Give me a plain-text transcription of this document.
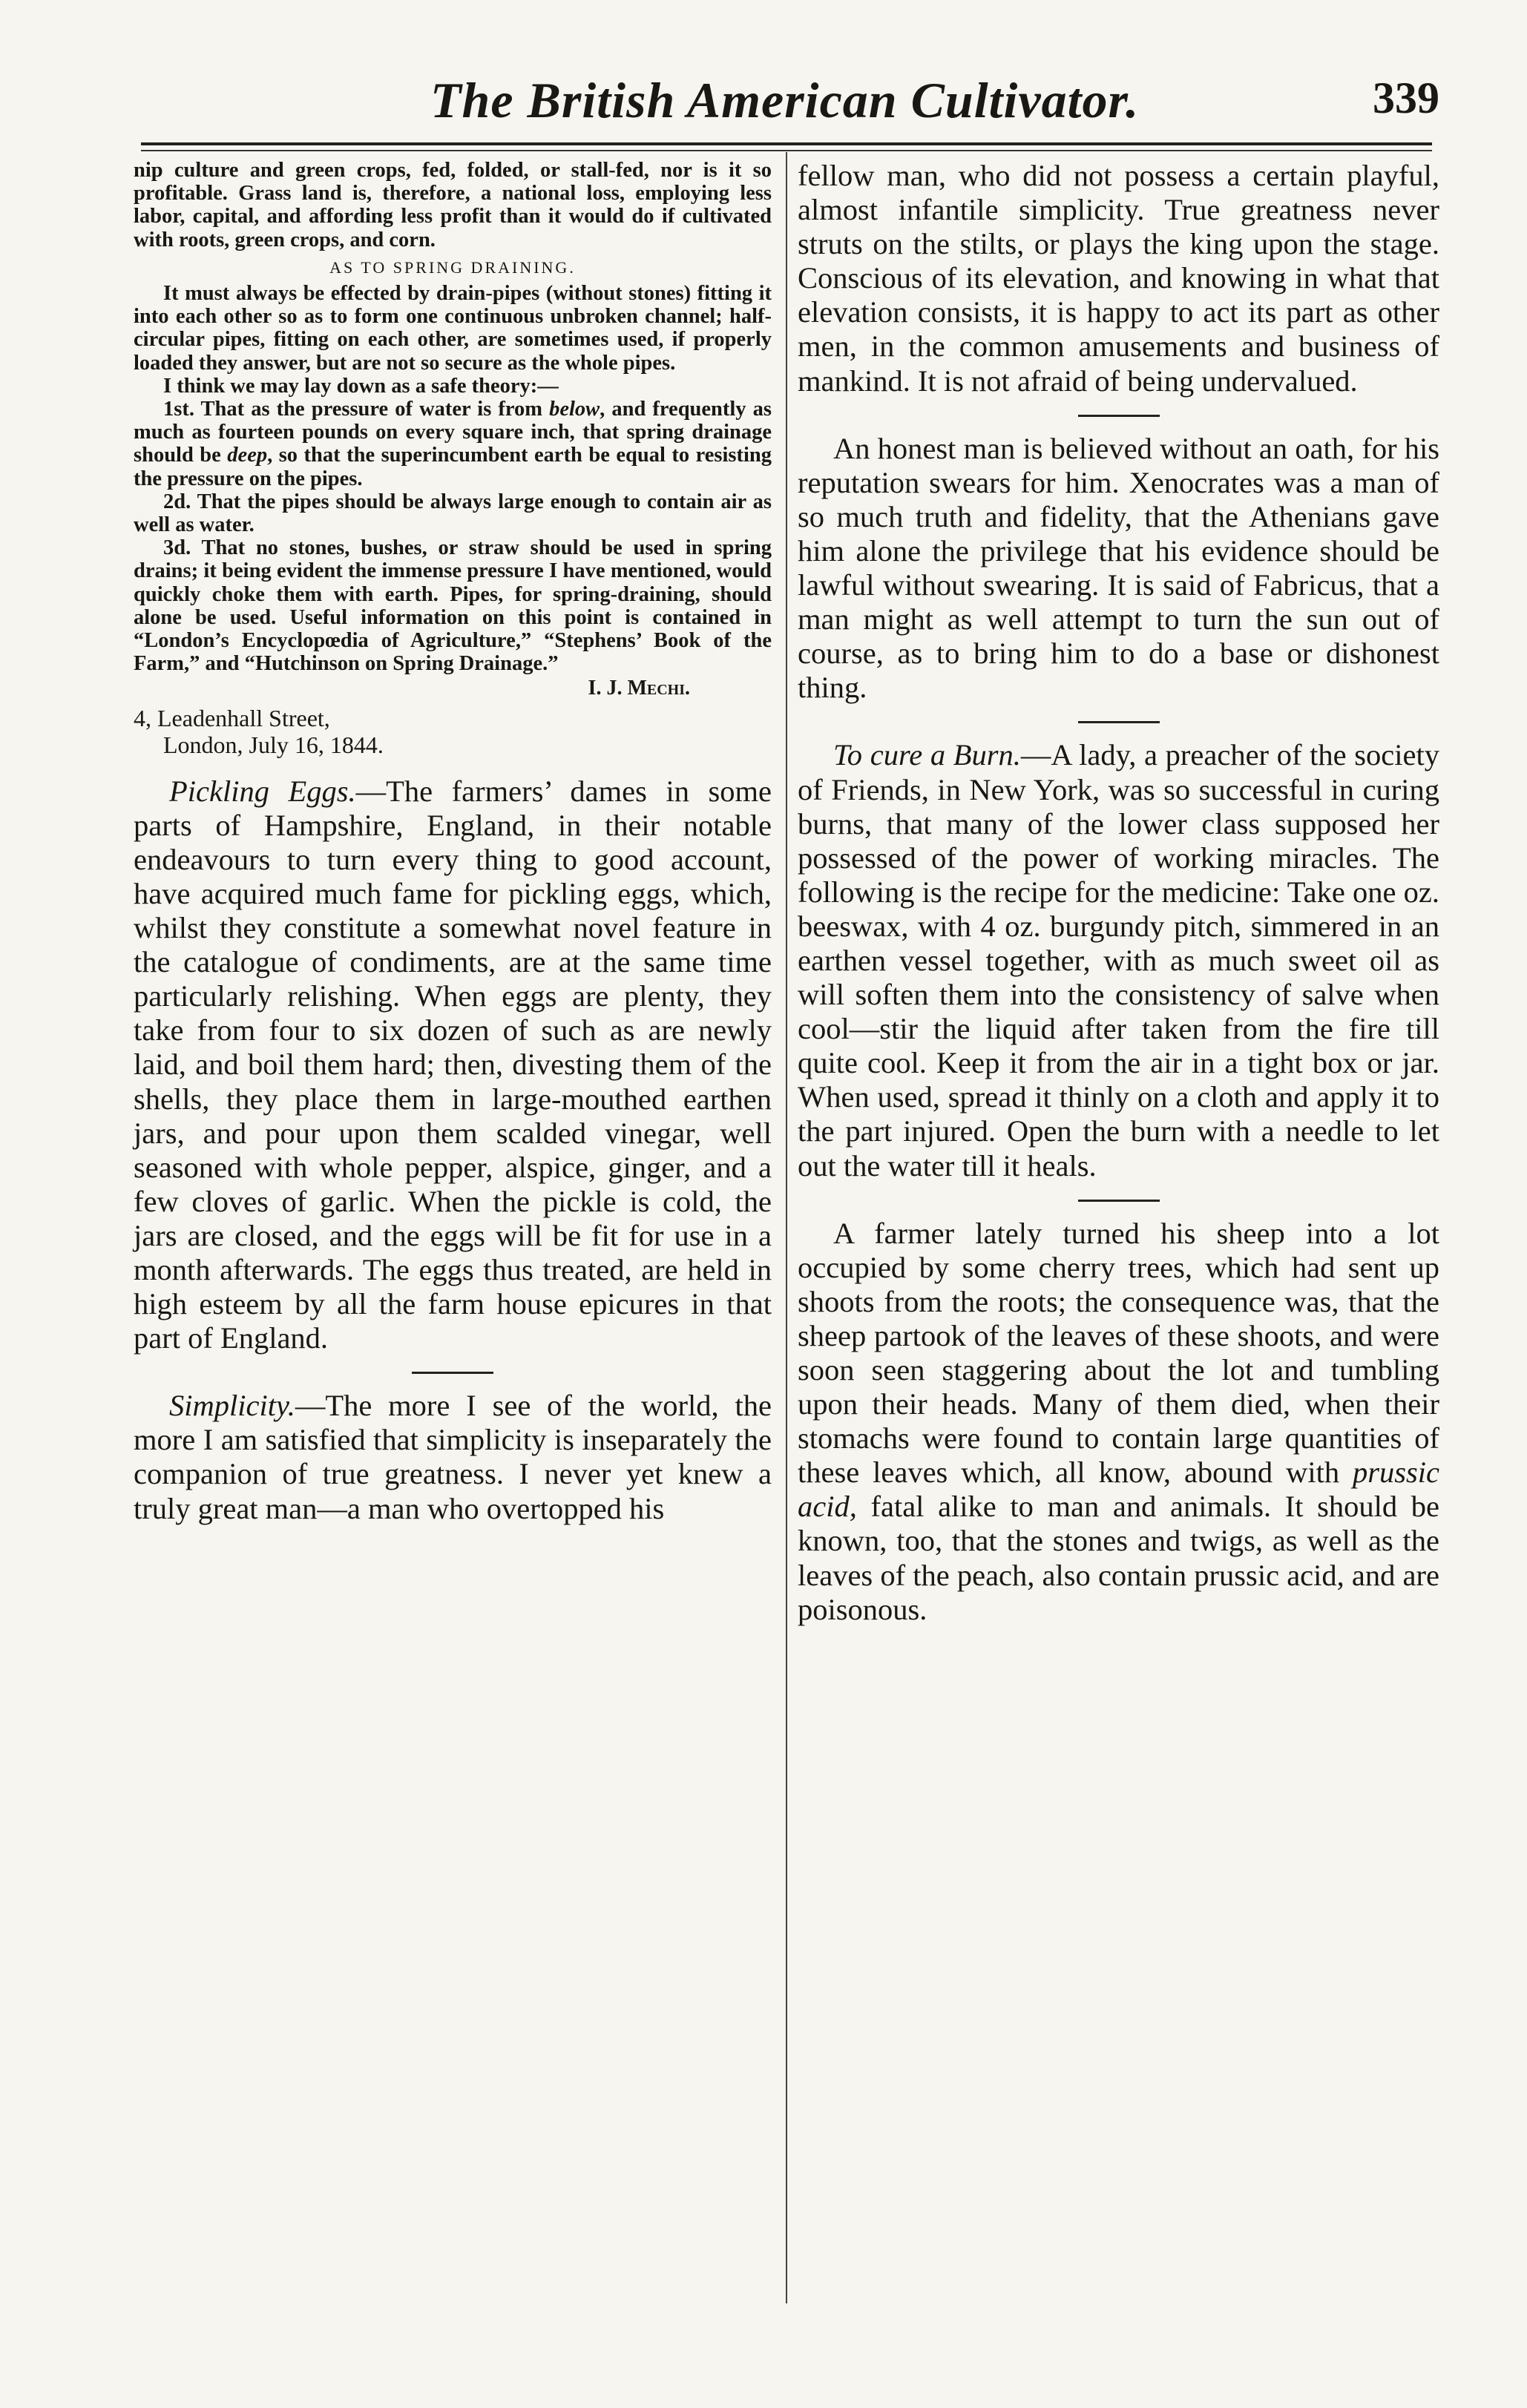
The British American Cultivator.	339

nip culture and green crops, fed, folded, or stall-fed, nor is it so profitable. Grass land is, therefore, a national loss, employing less labor, capital, and affording less profit than it would do if cultivated with roots, green crops, and corn.

AS TO SPRING DRAINING.

It must always be effected by drain-pipes (without stones) fitting it into each other so as to form one continuous unbroken channel; half-circular pipes, fitting on each other, are sometimes used, if properly loaded they answer, but are not so secure as the whole pipes.

I think we may lay down as a safe theory:—

1st. That as the pressure of water is from below, and frequently as much as fourteen pounds on every square inch, that spring drainage should be deep, so that the superincumbent earth be equal to resisting the pressure on the pipes.

2d. That the pipes should be always large enough to contain air as well as water.

3d. That no stones, bushes, or straw should be used in spring drains; it being evident the immense pressure I have mentioned, would quickly choke them with earth. Pipes, for spring-draining, should alone be used. Useful information on this point is contained in “London’s Encyclopœdia of Agriculture,” “Stephens’ Book of the Farm,” and “Hutchinson on Spring Drainage.”

I. J. Mechi.
4, Leadenhall Street,
London, July 16, 1844.

Pickling Eggs.—The farmers’ dames in some parts of Hampshire, England, in their notable endeavours to turn every thing to good account, have acquired much fame for pickling eggs, which, whilst they constitute a somewhat novel feature in the catalogue of condiments, are at the same time particularly relishing. When eggs are plenty, they take from four to six dozen of such as are newly laid, and boil them hard; then, divesting them of the shells, they place them in large-mouthed earthen jars, and pour upon them scalded vinegar, well seasoned with whole pepper, alspice, ginger, and a few cloves of garlic. When the pickle is cold, the jars are closed, and the eggs will be fit for use in a month afterwards. The eggs thus treated, are held in high esteem by all the farm house epicures in that part of England.

Simplicity.—The more I see of the world, the more I am satisfied that simplicity is inseparately the companion of true greatness. I never yet knew a truly great man—a man who overtopped his

fellow man, who did not possess a certain playful, almost infantile simplicity. True greatness never struts on the stilts, or plays the king upon the stage. Conscious of its elevation, and knowing in what that elevation consists, it is happy to act its part as other men, in the common amusements and business of mankind. It is not afraid of being undervalued.

An honest man is believed without an oath, for his reputation swears for him. Xenocrates was a man of so much truth and fidelity, that the Athenians gave him alone the privilege that his evidence should be lawful without swearing. It is said of Fabricus, that a man might as well attempt to turn the sun out of course, as to bring him to do a base or dishonest thing.

To cure a Burn.—A lady, a preacher of the society of Friends, in New York, was so successful in curing burns, that many of the lower class supposed her possessed of the power of working miracles. The following is the recipe for the medicine: Take one oz. beeswax, with 4 oz. burgundy pitch, simmered in an earthen vessel together, with as much sweet oil as will soften them into the consistency of salve when cool—stir the liquid after taken from the fire till quite cool. Keep it from the air in a tight box or jar. When used, spread it thinly on a cloth and apply it to the part injured. Open the burn with a needle to let out the water till it heals.

A farmer lately turned his sheep into a lot occupied by some cherry trees, which had sent up shoots from the roots; the consequence was, that the sheep partook of the leaves of these shoots, and were soon seen staggering about the lot and tumbling upon their heads. Many of them died, when their stomachs were found to contain large quantities of these leaves which, all know, abound with prussic acid, fatal alike to man and animals. It should be known, too, that the stones and twigs, as well as the leaves of the peach, also contain prussic acid, and are poisonous.
